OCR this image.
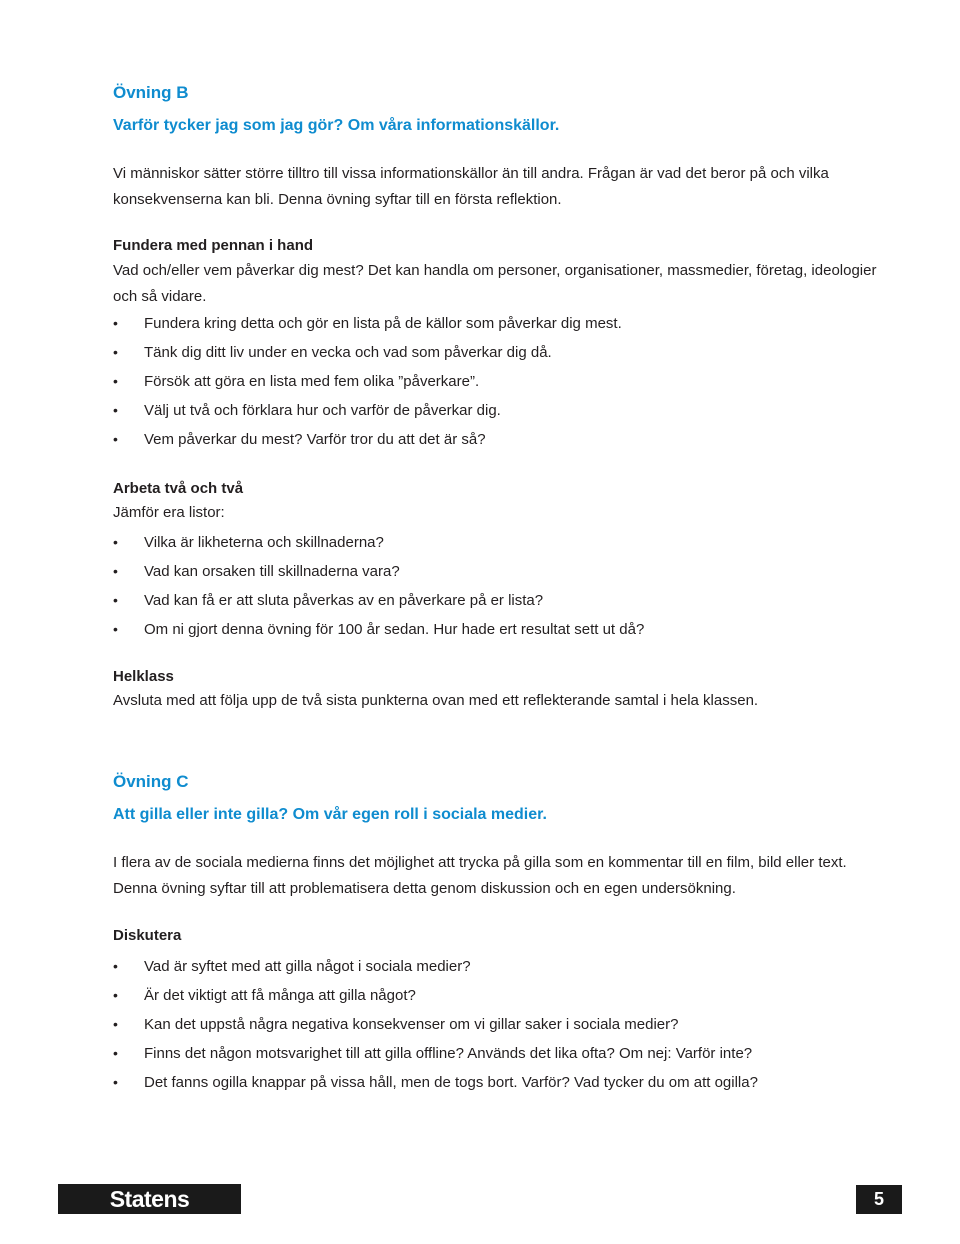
Övning B
Varför tycker jag som jag gör? Om våra informationskällor.

Vi människor sätter större tilltro till vissa informationskällor än till andra. Frågan är vad det beror på och vilka konsekvenserna kan bli. Denna övning syftar till en första reflektion.

Fundera med pennan i hand

Vad och/eller vem påverkar dig mest? Det kan handla om personer, organisationer, massmedier, företag, ideologier och så vidare.

• Fundera kring detta och gör en lista på de källor som påverkar dig mest.
• Tänk dig ditt liv under en vecka och vad som påverkar dig då.
• Försök att göra en lista med fem olika ”påverkare”.
• Välj ut två och förklara hur och varför de påverkar dig.
• Vem påverkar du mest? Varför tror du att det är så?
Arbeta två och två

Jämför era listor:

• Vilka är likheterna och skillnaderna?
• Vad kan orsaken till skillnaderna vara?
• Vad kan få er att sluta påverkas av en påverkare på er lista?
• Om ni gjort denna övning för 100 år sedan. Hur hade ert resultat sett ut då?
Helklass

Avsluta med att följa upp de två sista punkterna ovan med ett reflekterande samtal i hela klassen.

Övning C
Att gilla eller inte gilla? Om vår egen roll i sociala medier.

I flera av de sociala medierna finns det möjlighet att trycka på gilla som en kommentar till en film, bild eller text. Denna övning syftar till att problematisera detta genom diskussion och en egen undersökning.

Diskutera
• Vad är syftet med att gilla något i sociala medier?
• Är det viktigt att få många att gilla något?
• Kan det uppstå några negativa konsekvenser om vi gillar saker i sociala medier?
• Finns det någon motsvarighet till att gilla offline? Används det lika ofta? Om nej: Varför inte?
• Det fanns ogilla knappar på vissa håll, men de togs bort. Varför? Vad tycker du om att ogilla?
Statens medieråd
5
